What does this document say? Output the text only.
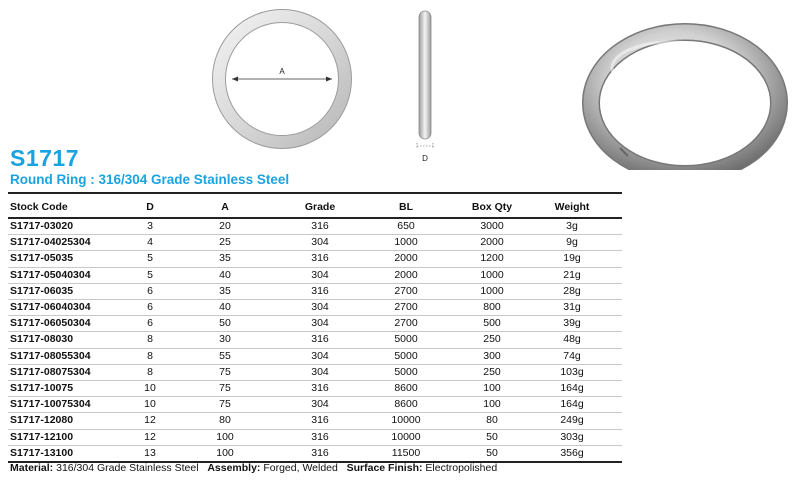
A
D
S1717
Round Ring : 316/304 Grade Stainless Steel
Stock Code	D	A	Grade	BL	Box Qty	Weight
S1717-03020	3	20	316	650	3000	3g
S1717-04025304	4	25	304	1000	2000	9g
S1717-05035	5	35	316	2000	1200	19g
S1717-05040304	5	40	304	2000	1000	21g
S1717-06035	6	35	316	2700	1000	28g
S1717-06040304	6	40	304	2700	800	31g
S1717-06050304	6	50	304	2700	500	39g
S1717-08030	8	30	316	5000	250	48g
S1717-08055304	8	55	304	5000	300	74g
S1717-08075304	8	75	304	5000	250	103g
S1717-10075	10	75	316	8600	100	164g
S1717-10075304	10	75	304	8600	100	164g
S1717-12080	12	80	316	10000	80	249g
S1717-12100	12	100	316	10000	50	303g
S1717-13100	13	100	316	11500	50	356g
Material: 316/304 Grade Stainless Steel Assembly: Forged, Welded Surface Finish: Electropolished
